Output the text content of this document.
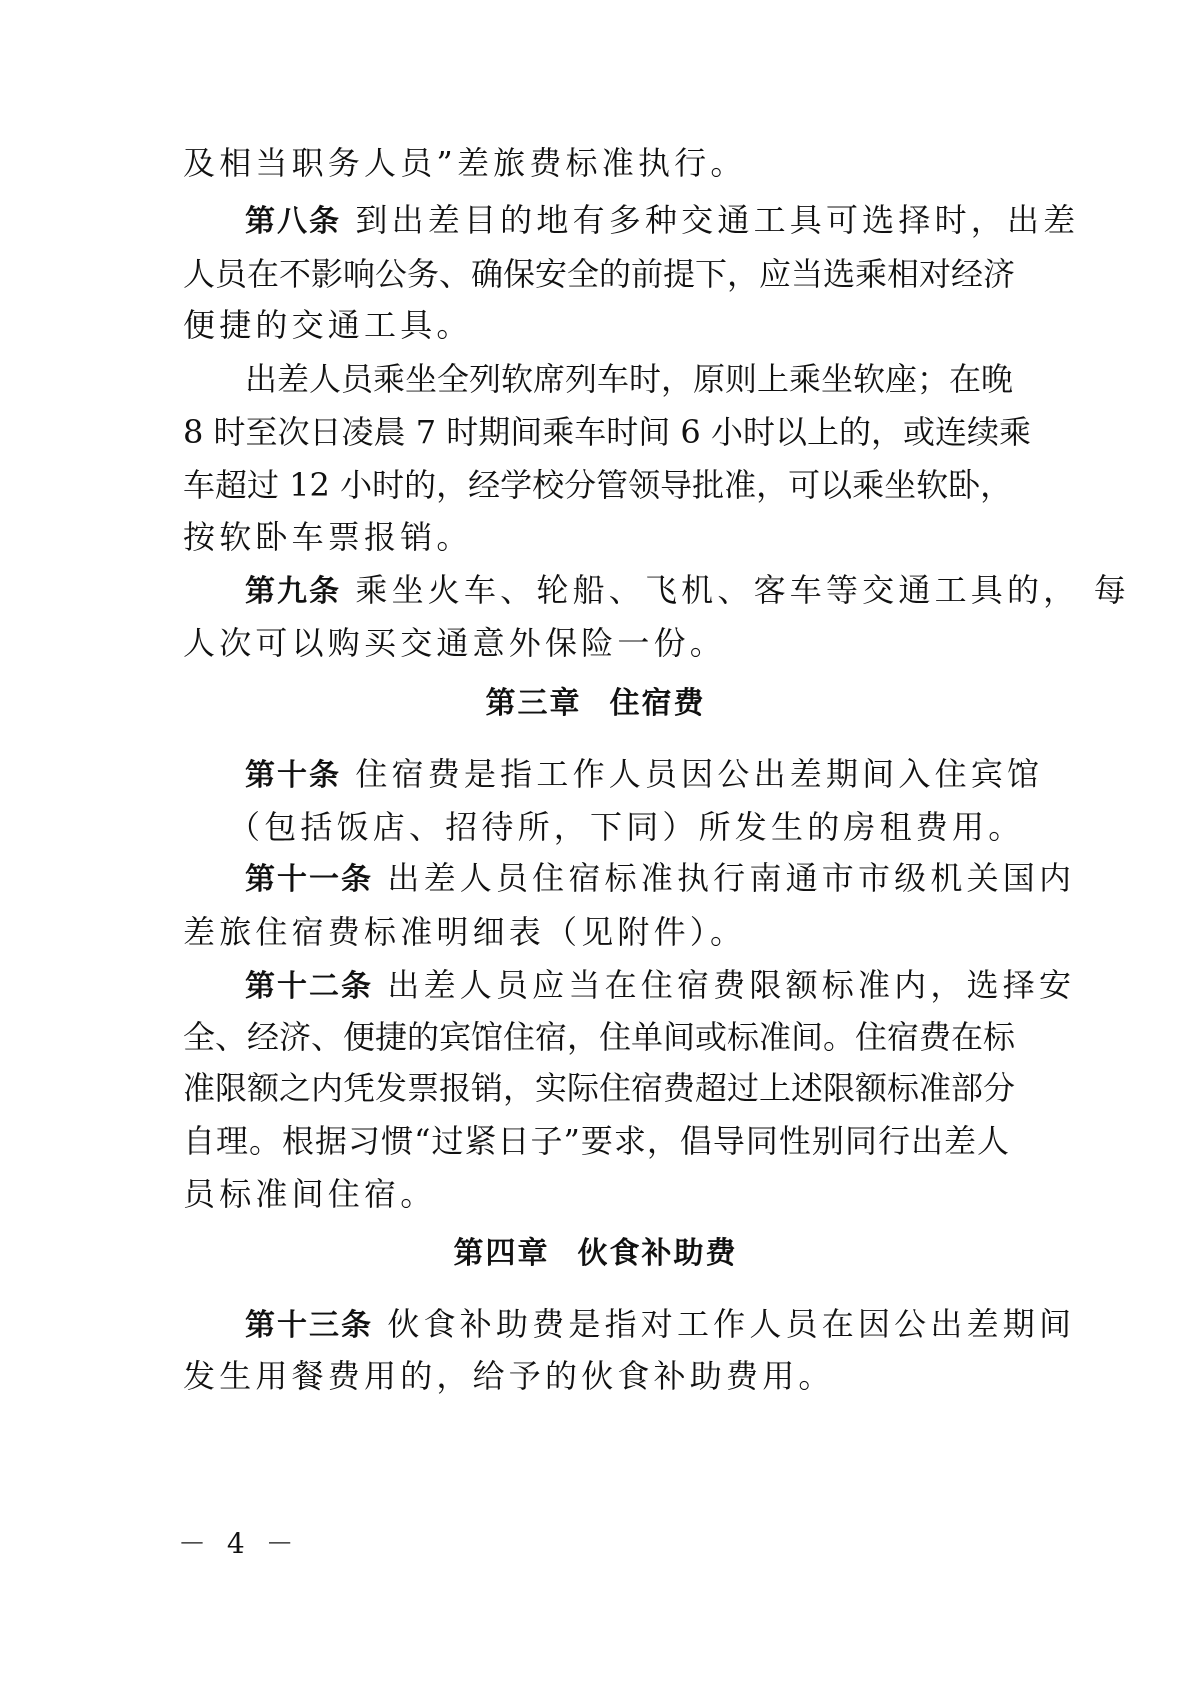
及相当职务人员”差旅费标准执行。
第八条 到出差目的地有多种交通工具可选择时，出差
人员在不影响公务、确保安全的前提下，应当选乘相对经济
便捷的交通工具。
出差人员乘坐全列软席列车时，原则上乘坐软座；在晚
8 时至次日凌晨 7 时期间乘车时间 6 小时以上的，或连续乘
车超过 12 小时的，经学校分管领导批准，可以乘坐软卧，
按软卧车票报销。
第九条 乘坐火车、轮船、飞机、客车等交通工具的， 每
人次可以购买交通意外保险一份。
第三章 住宿费
第十条 住宿费是指工作人员因公出差期间入住宾馆
（包括饭店、招待所，下同）所发生的房租费用。
第十一条 出差人员住宿标准执行南通市市级机关国内
差旅住宿费标准明细表（见附件）。
第十二条 出差人员应当在住宿费限额标准内，选择安
全、经济、便捷的宾馆住宿，住单间或标准间。住宿费在标
准限额之内凭发票报销，实际住宿费超过上述限额标准部分
自理。根据习惯“过紧日子”要求，倡导同性别同行出差人
员标准间住宿。
第四章 伙食补助费
第十三条 伙食补助费是指对工作人员在因公出差期间
发生用餐费用的，给予的伙食补助费用。
－ 4 －
